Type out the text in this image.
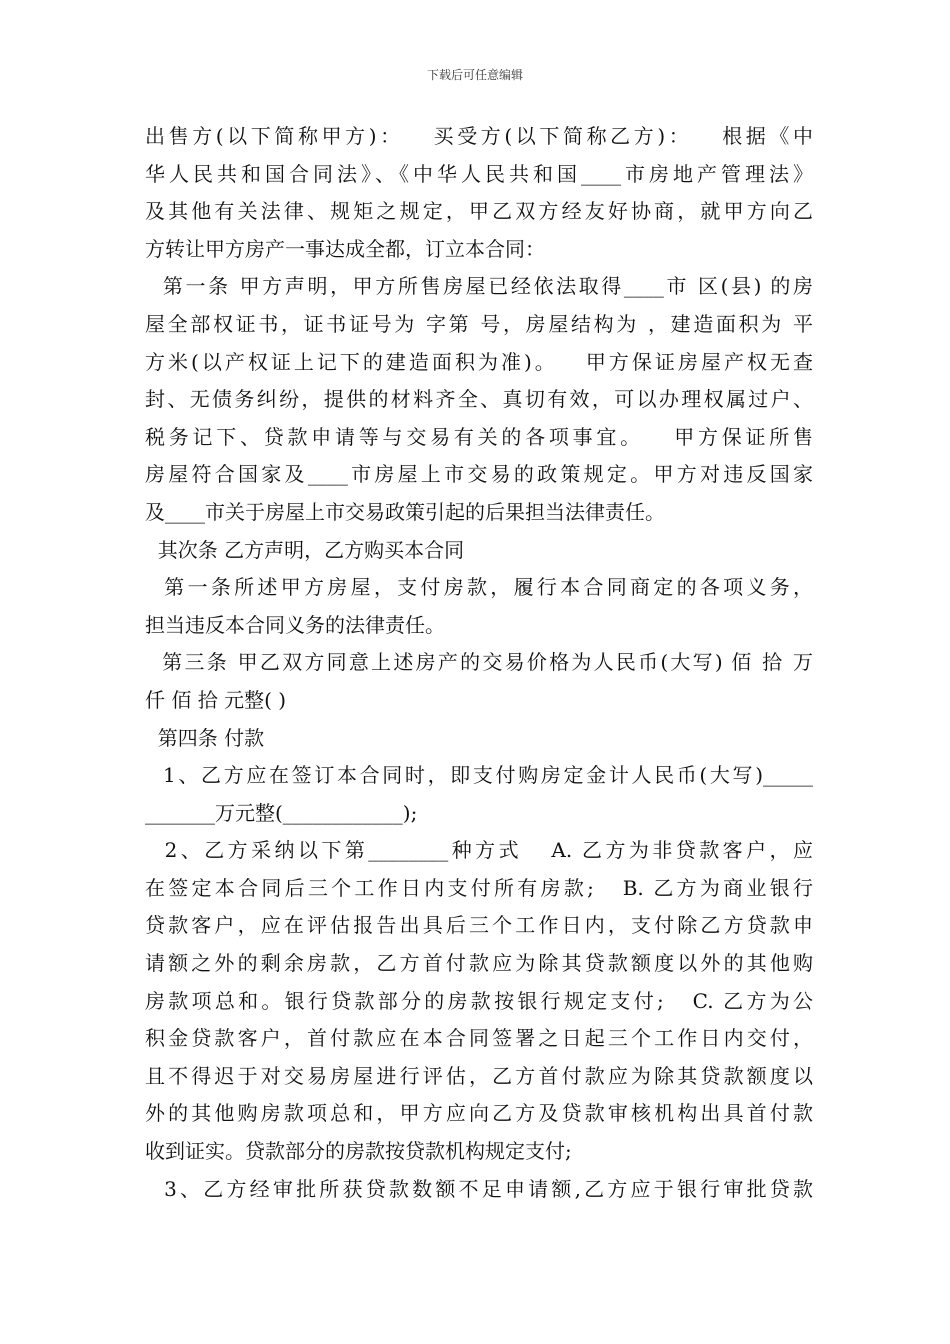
下载后可任意编辑
出售方(以下简称甲方)：   买受方(以下简称乙方)：   根据《中
华人民共和国合同法》、《中华人民共和国____市房地产管理法》
及其他有关法律、规矩之规定，甲乙双方经友好协商，就甲方向乙
方转让甲方房产一事达成全都，订立本合同：
第一条 甲方声明，甲方所售房屋已经依法取得____市 区(县) 的房
屋全部权证书，证书证号为 字第 号，房屋结构为 ，建造面积为 平
方米(以产权证上记下的建造面积为准)。   甲方保证房屋产权无查
封、无债务纠纷，提供的材料齐全、真切有效，可以办理权属过户、
税务记下、贷款申请等与交易有关的各项事宜。   甲方保证所售
房屋符合国家及____市房屋上市交易的政策规定。甲方对违反国家
及____市关于房屋上市交易政策引起的后果担当法律责任。
其次条 乙方声明，乙方购买本合同
第一条所述甲方房屋，支付房款，履行本合同商定的各项义务，
担当违反本合同义务的法律责任。
第三条 甲乙双方同意上述房产的交易价格为人民币(大写) 佰 拾 万
仟 佰 拾 元整( )
第四条 付款
1、乙方应在签订本合同时，即支付购房定金计人民币(大写)_____
_______万元整(____________);
2、乙方采纳以下第________种方式   A. 乙方为非贷款客户，应
在签定本合同后三个工作日内支付所有房款;   B. 乙方为商业银行
贷款客户，应在评估报告出具后三个工作日内，支付除乙方贷款申
请额之外的剩余房款，乙方首付款应为除其贷款额度以外的其他购
房款项总和。银行贷款部分的房款按银行规定支付;   C. 乙方为公
积金贷款客户，首付款应在本合同签署之日起三个工作日内交付，
且不得迟于对交易房屋进行评估，乙方首付款应为除其贷款额度以
外的其他购房款项总和，甲方应向乙方及贷款审核机构出具首付款
收到证实。贷款部分的房款按贷款机构规定支付;
3、乙方经审批所获贷款数额不足申请额,乙方应于银行审批贷款
